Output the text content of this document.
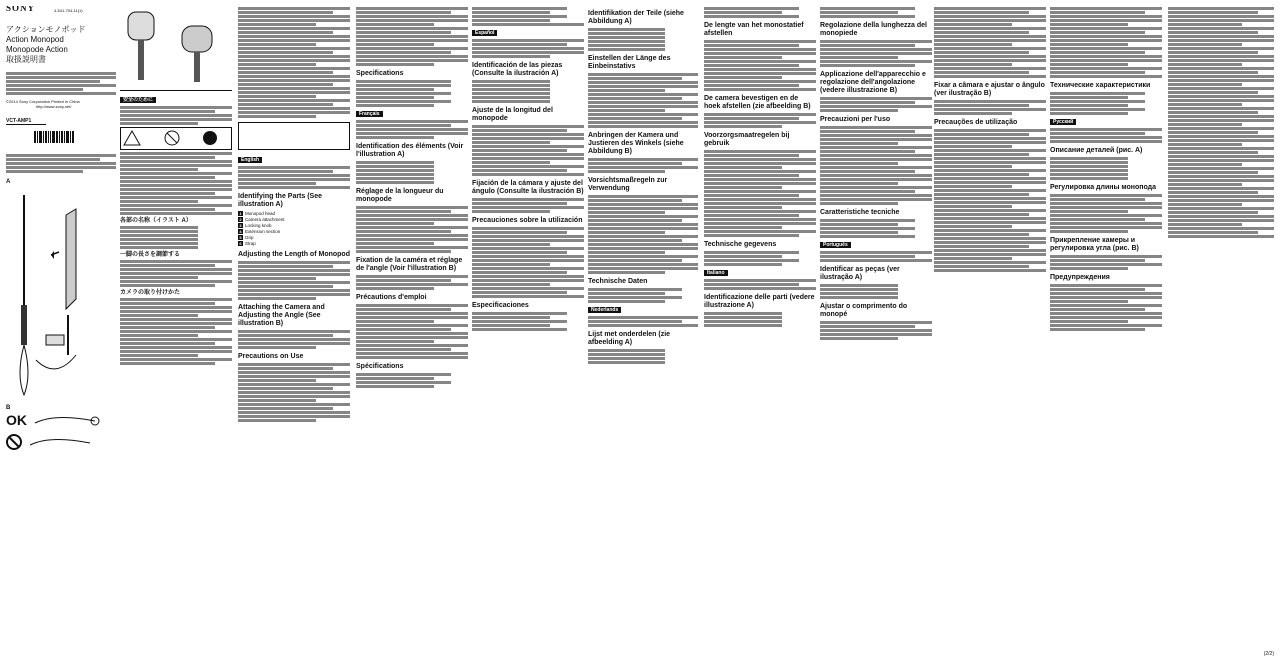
SONY	4-541-704-11(1)
アクションモノポッド
Action Monopod
Monopode Action
取扱説明書
©2014 Sony Corporation Printed in China
http://www.sony.net/
VCT-AMP1
A
B
OK
安全のために
各部の名称（イラスト A）
一脚の長さを調節する
カメラの取り付けかた
English
Identifying the Parts (See illustration A)
1 Monopod head
2 Camera attachment
3 Locking knob
4 Extension section
5 Grip
6 Strap
Adjusting the Length of Monopod
Attaching the Camera and Adjusting the Angle (See illustration B)
Precautions on Use
Specifications
Français
Identification des éléments (Voir l'illustration A)
Réglage de la longueur du monopode
Fixation de la caméra et réglage de l'angle (Voir l'illustration B)
Précautions d'emploi
Spécifications
Español
Identificación de las piezas (Consulte la ilustración A)
Ajuste de la longitud del monopode
Fijación de la cámara y ajuste del ángulo (Consulte la ilustración B)
Precauciones sobre la utilización
Especificaciones
Identifikation der Teile (siehe Abbildung A)
Einstellen der Länge des Einbeinstativs
Anbringen der Kamera und Justieren des Winkels (siehe Abbildung B)
Vorsichtsmaßregeln zur Verwendung
Technische Daten
Nederlands
Lijst met onderdelen (zie afbeelding A)
De lengte van het monostatief afstellen
De camera bevestigen en de hoek afstellen (zie afbeelding B)
Voorzorgsmaatregelen bij gebruik
Technische gegevens
Italiano
Identificazione delle parti (vedere illustrazione A)
Regolazione della lunghezza del monopiede
Applicazione dell'apparecchio e regolazione dell'angolazione (vedere illustrazione B)
Precauzioni per l'uso
Caratteristiche tecniche
Português
Identificar as peças (ver ilustração A)
Ajustar o comprimento do monopé
Fixar a câmara e ajustar o ângulo (ver ilustração B)
Precauções de utilização
Технические характеристики
Русский
Описание деталей (рис. A)
Регулировка длины монопода
Прикрепление камеры и регулировка угла (рис. B)
Предупреждения
(2/2)
